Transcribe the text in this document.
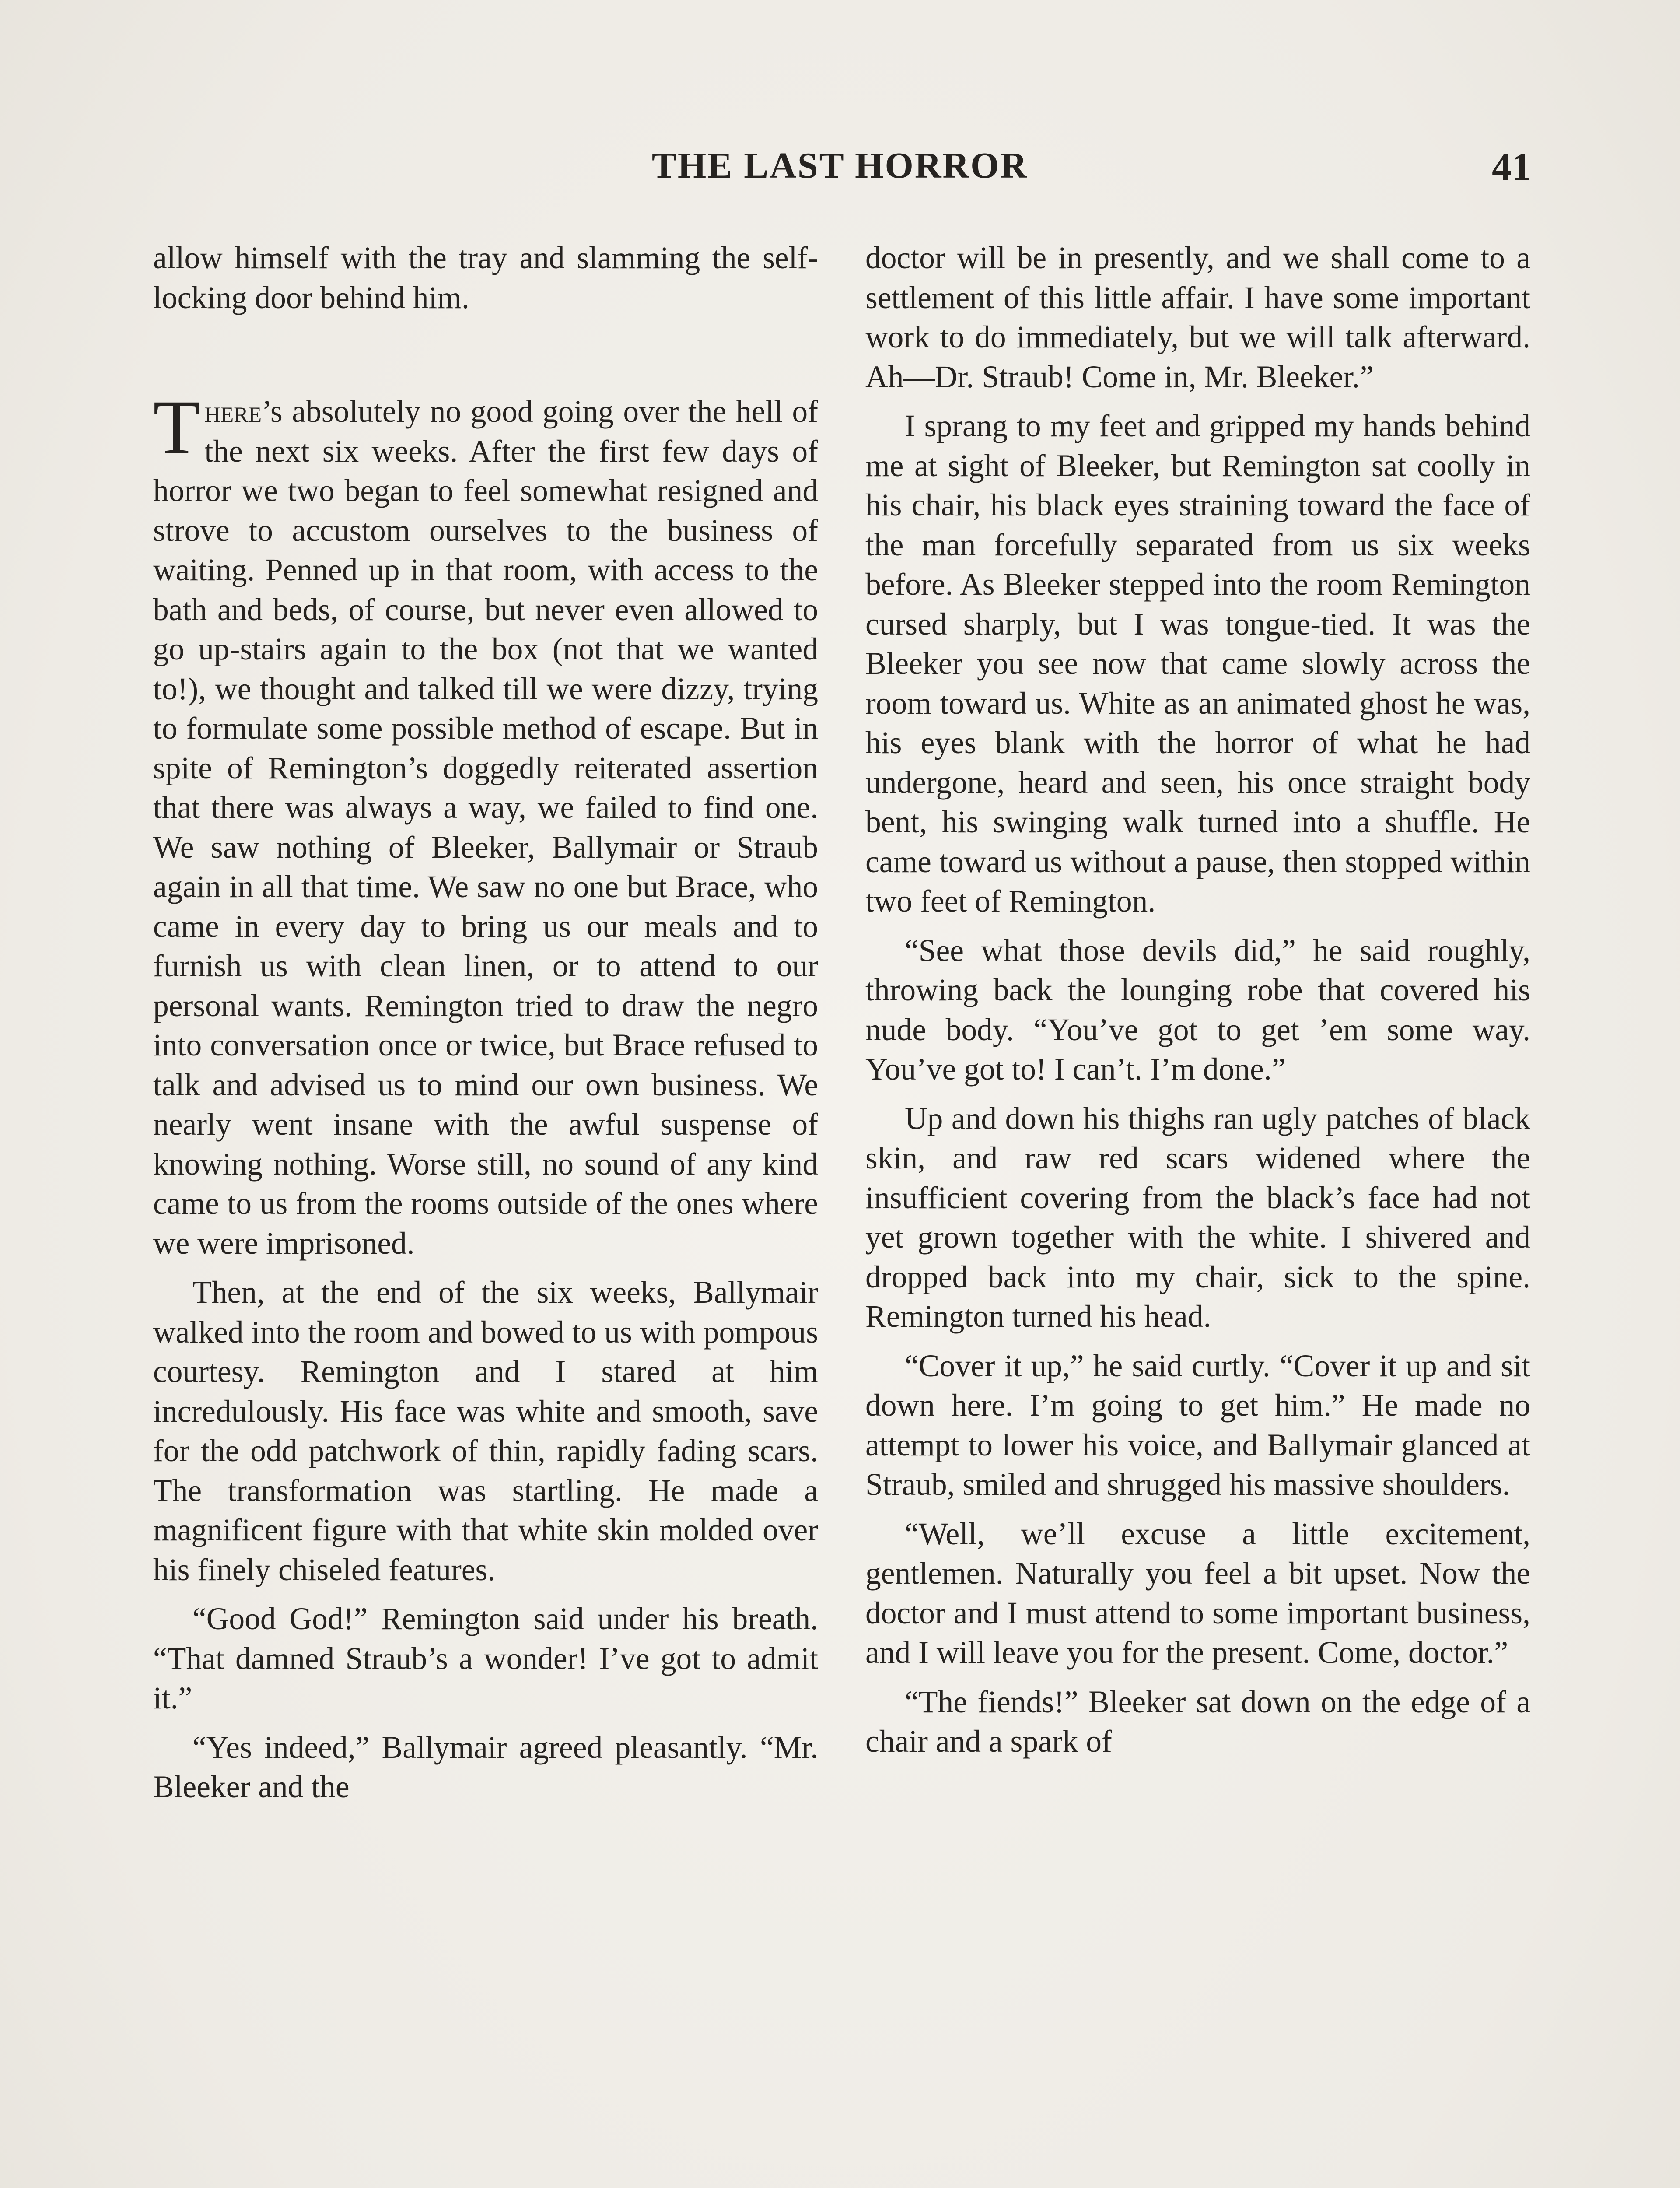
THE LAST HORROR	41

allow himself with the tray and slamming the self-locking door behind him.

There’s absolutely no good going over the hell of the next six weeks. After the first few days of horror we two began to feel somewhat resigned and strove to accustom ourselves to the business of waiting. Penned up in that room, with access to the bath and beds, of course, but never even allowed to go up-stairs again to the box (not that we wanted to!), we thought and talked till we were dizzy, trying to formulate some possible method of escape. But in spite of Remington’s doggedly reiterated assertion that there was always a way, we failed to find one. We saw nothing of Bleeker, Ballymair or Straub again in all that time. We saw no one but Brace, who came in every day to bring us our meals and to furnish us with clean linen, or to attend to our personal wants. Remington tried to draw the negro into conversation once or twice, but Brace refused to talk and advised us to mind our own business. We nearly went insane with the awful suspense of knowing nothing. Worse still, no sound of any kind came to us from the rooms outside of the ones where we were imprisoned.

Then, at the end of the six weeks, Ballymair walked into the room and bowed to us with pompous courtesy. Remington and I stared at him incredulously. His face was white and smooth, save for the odd patchwork of thin, rapidly fading scars. The transformation was startling. He made a magnificent figure with that white skin molded over his finely chiseled features.

“Good God!” Remington said under his breath. “That damned Straub’s a wonder! I’ve got to admit it.”

“Yes indeed,” Ballymair agreed pleasantly. “Mr. Bleeker and the

doctor will be in presently, and we shall come to a settlement of this little affair. I have some important work to do immediately, but we will talk afterward. Ah—Dr. Straub! Come in, Mr. Bleeker.”

I sprang to my feet and gripped my hands behind me at sight of Bleeker, but Remington sat coolly in his chair, his black eyes straining toward the face of the man forcefully separated from us six weeks before. As Bleeker stepped into the room Remington cursed sharply, but I was tongue-tied. It was the Bleeker you see now that came slowly across the room toward us. White as an animated ghost he was, his eyes blank with the horror of what he had undergone, heard and seen, his once straight body bent, his swinging walk turned into a shuffle. He came toward us without a pause, then stopped within two feet of Remington.

“See what those devils did,” he said roughly, throwing back the lounging robe that covered his nude body. “You’ve got to get ’em some way. You’ve got to! I can’t. I’m done.”

Up and down his thighs ran ugly patches of black skin, and raw red scars widened where the insufficient covering from the black’s face had not yet grown together with the white. I shivered and dropped back into my chair, sick to the spine. Remington turned his head.

“Cover it up,” he said curtly. “Cover it up and sit down here. I’m going to get him.” He made no attempt to lower his voice, and Ballymair glanced at Straub, smiled and shrugged his massive shoulders.

“Well, we’ll excuse a little excitement, gentlemen. Naturally you feel a bit upset. Now the doctor and I must attend to some important business, and I will leave you for the present. Come, doctor.”

“The fiends!” Bleeker sat down on the edge of a chair and a spark of
